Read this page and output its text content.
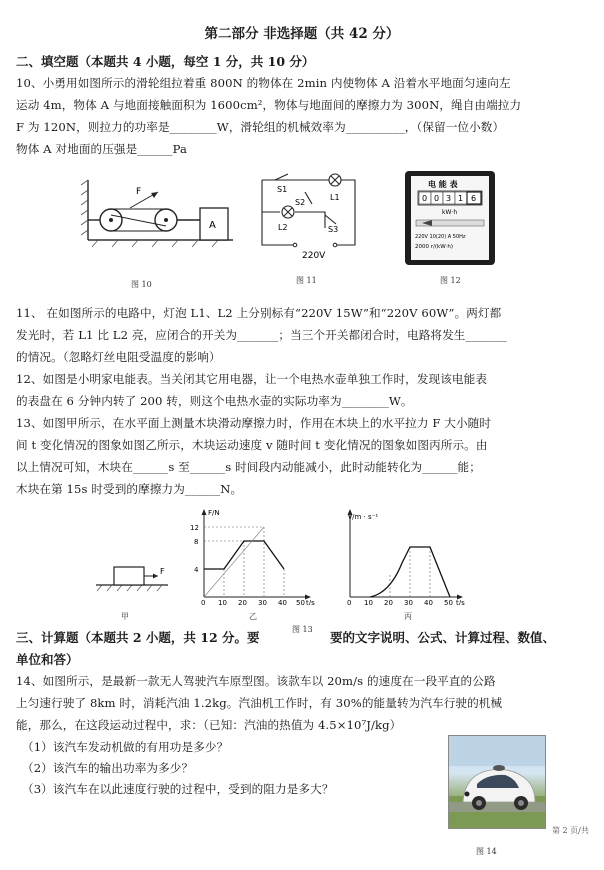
第二部分 非选择题（共 42 分）
二、填空题（本题共 4 小题，每空 1 分，共 10 分）
10、小勇用如图所示的滑轮组拉着重 800N 的物体在 2min 内使物体 A 沿着水平地面匀速向左
运动 4m，物体 A 与地面接触面积为 1600cm²，物体与地面间的摩擦力为 300N，绳自由端拉力
F 为 120N，则拉力的功率是________W，滑轮组的机械效率为__________，（保留一位小数）
物体 A 对地面的压强是______Pa
F
A
图 10
S1
S2
S3
L1
L2
220V
图 11
电 能 表
0 0 3 1 6
kW·h
220V 10(20) A 50Hz
2000 r/(kW·h)
图 12
11、 在如图所示的电路中，灯泡 L1、L2 上分别标有“220V 15W”和“220V 60W”。两灯都
发光时，若 L1 比 L2 亮，应闭合的开关为_______；当三个开关都闭合时，电路将发生_______
的情况。（忽略灯丝电阻受温度的影响）
12、如图是小明家电能表。当关闭其它用电器，让一个电热水壶单独工作时，发现该电能表
的表盘在 6 分钟内转了 200 转，则这个电热水壶的实际功率为________W。
13、如图甲所示，在水平面上测量木块滑动摩擦力时，作用在木块上的水平拉力 F 大小随时
间 t 变化情况的图象如图乙所示，木块运动速度 v 随时间 t 变化情况的图象如图丙所示。由
以上情况可知，木块在______s 至______s 时间段内动能减小，此时动能转化为______能；
木块在第 15s 时受到的摩擦力为______N。
F
甲
F/N
t/s
4
8
12
0 10 20 30 40 50
乙
v/m · s⁻¹
t/s
0 10 20 30 40 50
丙
三、计算题（本题共 2 小题，共 12 分。要
图 13
要的文字说明、公式、计算过程、数值、
单位和答）
14、如图所示，是最新一款无人驾驶汽车原型图。该款车以 20m/s 的速度在一段平直的公路
上匀速行驶了 8km 时，消耗汽油 1.2kg。汽油机工作时，有 30%的能量转为汽车行驶的机械
能，那么，在这段运动过程中，求：（已知：汽油的热值为 4.5×10⁷J/kg）
（1）该汽车发动机做的有用功是多少？
（2）该汽车的输出功率为多少？
（3）该汽车在以此速度行驶的过程中，受到的阻力是多大？
图 14
第 2 页/共
